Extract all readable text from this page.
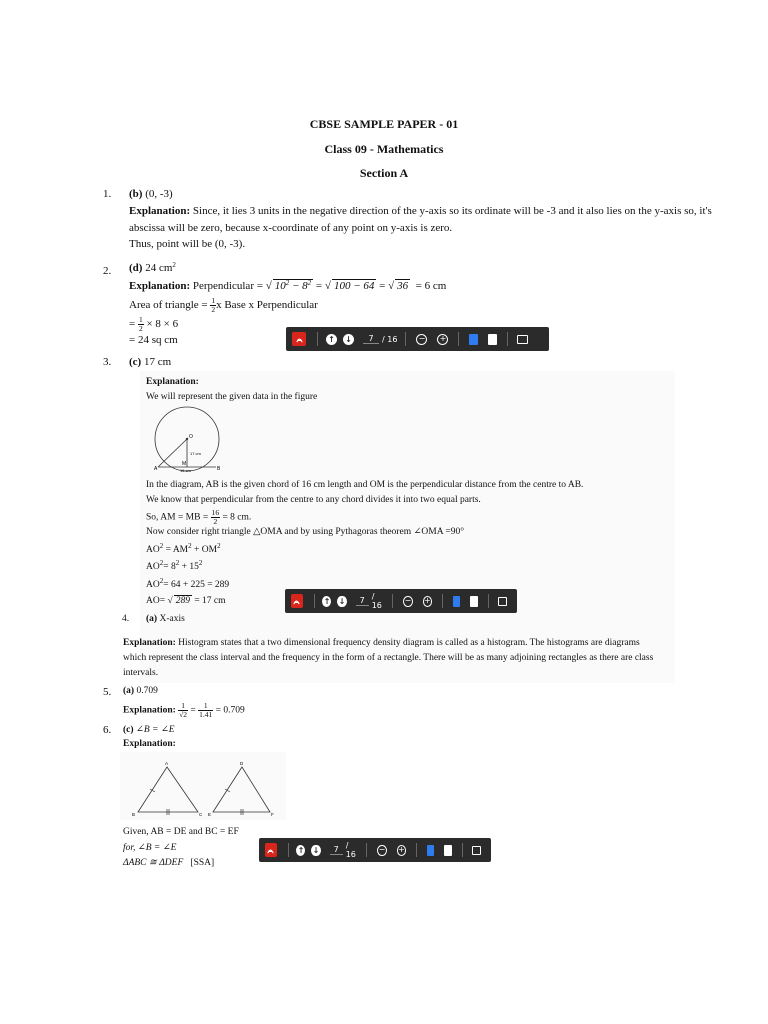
CBSE SAMPLE PAPER - 01
Class 09 - Mathematics
Section A
1. (b) (0, -3)
Explanation: Since, it lies 3 units in the negative direction of the y-axis so its ordinate will be -3 and it also lies on the y-axis so, it's abscissa will be zero, because x-coordinate of any point on y-axis is zero.
Thus, point will be (0, -3).
2. (d) 24 $cm^2$
Explanation: Perpendicular = √ $10^2 - 8^2$ = √ 100 − 64 = √ 36 = 6 cm
Area of triangle = $\frac{1}{2}$ x Base x Perpendicular
= $\frac{1}{2} \times 8 \times 6$
= 24 sq cm	↑ ↓	7	/ 16	− +
3. (c) 17 cm
Explanation:
We will represent the given data in the figure
O
17 cm
M
16 cm
A	B
In the diagram, AB is the given chord of 16 cm length and OM is the perpendicular distance from the centre to AB.
We know that perpendicular from the centre to any chord divides it into two equal parts.
So, AM = MB = $\frac{16}{2} = 8$ cm.
Now consider right triangle △OMA and by using Pythagoras theorem ∠OMA =90°
$AO^2 = AM^2 + OM^2$
$AO^2= 8^2 + 15^2$
$AO^2= 64 + 225 = 289$
AO= √ 289 = 17 cm	↑ ↓	7 / 16
− +
4. (a) X-axis
Explanation: Histogram states that a two dimensional frequency density diagram is called as a histogram. The histograms are diagrams which represent the class interval and the frequency in the form of a rectangle. There will be as many adjoining rectangles as there are class intervals.
5. (a) 0.709
Explanation: $\frac{1}{√2} = \frac{1}{1.41} = 0.709$
6. (c) ∠B = ∠E
Explanation:
A
B	C
D
E	F
Given, AB = DE and BC = EF
for, ∠B = ∠E
ΔABC ≅ ΔDEF [SSA]
↑ ↓	7 / 16
− +
